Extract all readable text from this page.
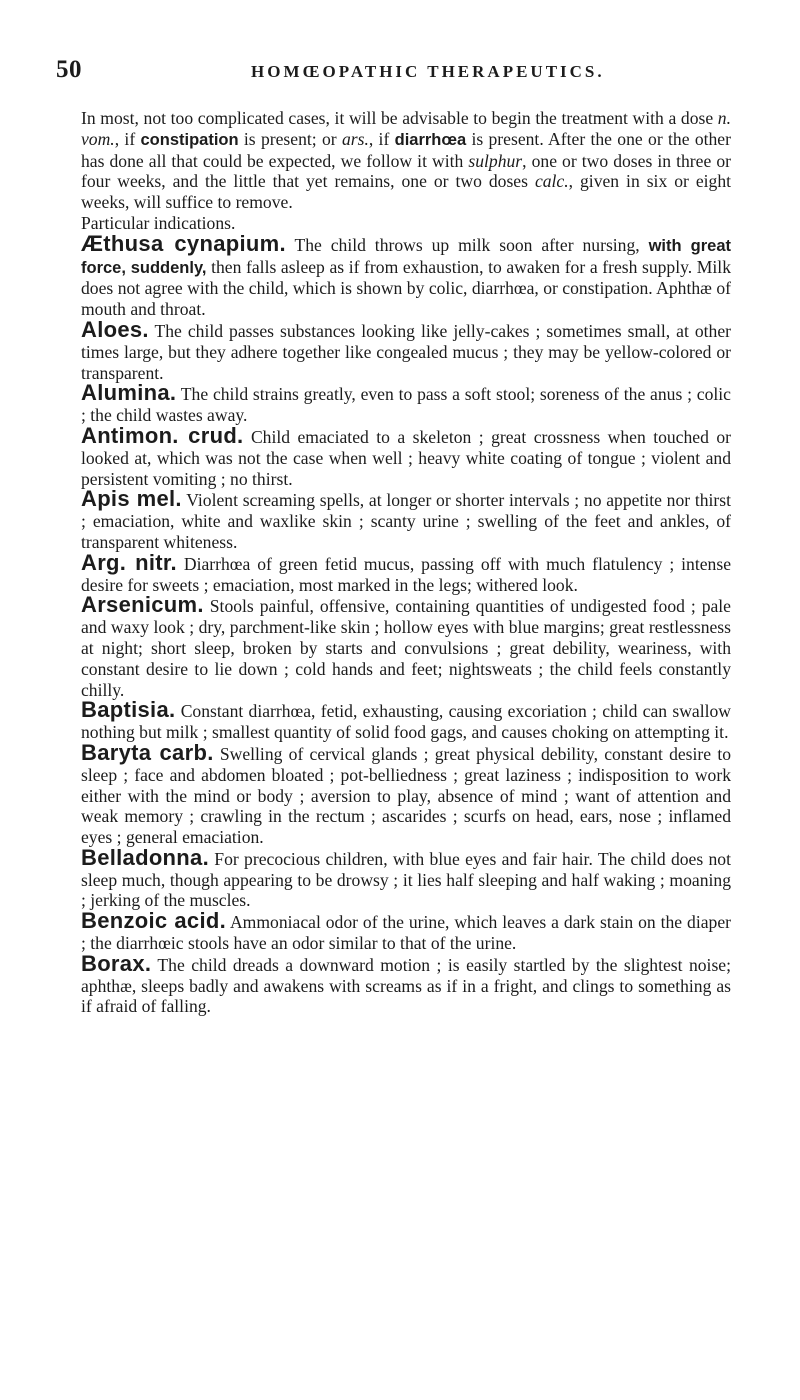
50	HOMŒOPATHIC THERAPEUTICS.

In most, not too complicated cases, it will be advisable to begin the treatment with a dose n. vom., if constipation is present; or ars., if diarrhœa is present. After the one or the other has done all that could be expected, we follow it with sulphur, one or two doses in three or four weeks, and the little that yet remains, one or two doses calc., given in six or eight weeks, will suffice to remove.

Particular indications.

Æthusa cynapium. The child throws up milk soon after nursing, with great force, suddenly, then falls asleep as if from exhaustion, to awaken for a fresh supply. Milk does not agree with the child, which is shown by colic, diarrhœa, or constipation. Aphthæ of mouth and throat.

Aloes. The child passes substances looking like jelly-cakes ; sometimes small, at other times large, but they adhere together like congealed mucus ; they may be yellow-colored or transparent.

Alumina. The child strains greatly, even to pass a soft stool; soreness of the anus ; colic ; the child wastes away.

Antimon. crud. Child emaciated to a skeleton ; great crossness when touched or looked at, which was not the case when well ; heavy white coating of tongue ; violent and persistent vomiting ; no thirst.

Apis mel. Violent screaming spells, at longer or shorter intervals ; no appetite nor thirst ; emaciation, white and waxlike skin ; scanty urine ; swelling of the feet and ankles, of transparent whiteness.

Arg. nitr. Diarrhœa of green fetid mucus, passing off with much flatulency ; intense desire for sweets ; emaciation, most marked in the legs; withered look.

Arsenicum. Stools painful, offensive, containing quantities of undigested food ; pale and waxy look ; dry, parchment-like skin ; hollow eyes with blue margins; great restlessness at night; short sleep, broken by starts and convulsions ; great debility, weariness, with constant desire to lie down ; cold hands and feet; nightsweats ; the child feels constantly chilly.

Baptisia. Constant diarrhœa, fetid, exhausting, causing excoriation ; child can swallow nothing but milk ; smallest quantity of solid food gags, and causes choking on attempting it.

Baryta carb. Swelling of cervical glands ; great physical debility, constant desire to sleep ; face and abdomen bloated ; pot-belliedness ; great laziness ; indisposition to work either with the mind or body ; aversion to play, absence of mind ; want of attention and weak memory ; crawling in the rectum ; ascarides ; scurfs on head, ears, nose ; inflamed eyes ; general emaciation.

Belladonna. For precocious children, with blue eyes and fair hair. The child does not sleep much, though appearing to be drowsy ; it lies half sleeping and half waking ; moaning ; jerking of the muscles.

Benzoic acid. Ammoniacal odor of the urine, which leaves a dark stain on the diaper ; the diarrhœic stools have an odor similar to that of the urine.

Borax. The child dreads a downward motion ; is easily startled by the slightest noise; aphthæ, sleeps badly and awakens with screams as if in a fright, and clings to something as if afraid of falling.
